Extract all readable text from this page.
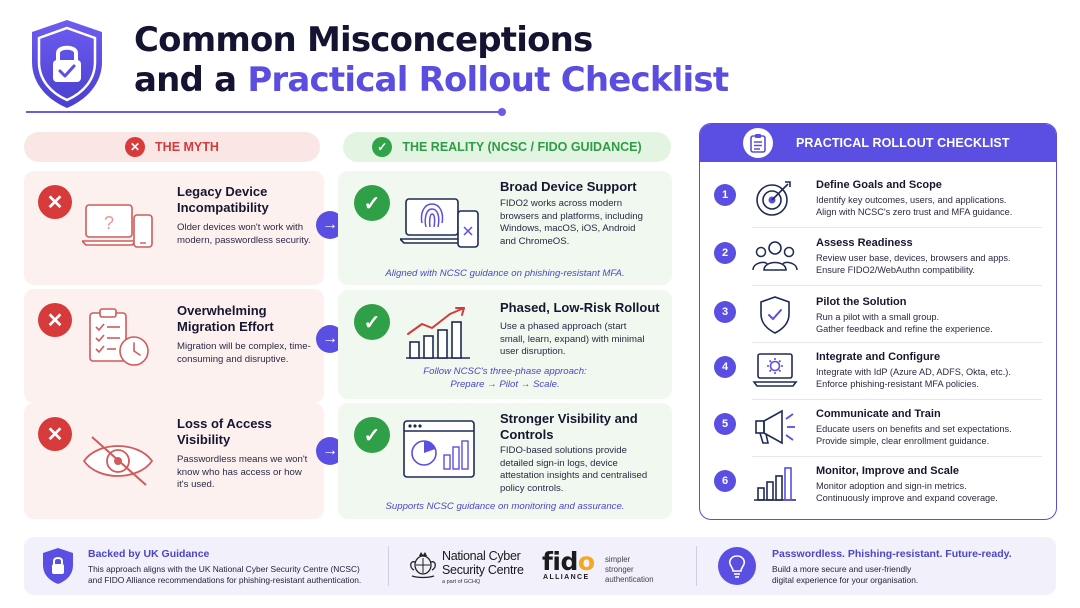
Common Misconceptions
and a Practical Rollout Checklist
✕	THE MYTH	✓	THE REALITY (NCSC / FIDO GUIDANCE)
✕
?
Legacy Device Incompatibility
Older devices won't work with modern, passwordless security.
✕	Overwhelming Migration Effort
Migration will be complex, time-consuming and disruptive.
✕	Loss of Access Visibility
Passwordless means we won't know who has access or how it's used.
→
→
→
✓
Broad Device Support
FIDO2 works across modern browsers and platforms, including Windows, macOS, iOS, Android and ChromeOS.
Aligned with NCSC guidance on phishing-resistant MFA.
✓
Phased, Low-Risk Rollout
Use a phased approach (start small, learn, expand) with minimal user disruption.
Follow NCSC's three-phase approach:
Prepare → Pilot → Scale.
✓
Stronger Visibility and Controls
FIDO-based solutions provide detailed sign-in logs, device attestation insights and centralised policy controls.
Supports NCSC guidance on monitoring and assurance.
PRACTICAL ROLLOUT CHECKLIST
1
Define Goals and Scope
Identify key outcomes, users, and applications.
Align with NCSC's zero trust and MFA guidance.
2
Assess Readiness
Review user base, devices, browsers and apps.
Ensure FIDO2/WebAuthn compatibility.
3
Pilot the Solution
Run a pilot with a small group.
Gather feedback and refine the experience.
4
Integrate and Configure
Integrate with IdP (Azure AD, ADFS, Okta, etc.).
Enforce phishing-resistant MFA policies.
5
Communicate and Train
Educate users on benefits and set expectations.
Provide simple, clear enrollment guidance.
6
Monitor, Improve and Scale
Monitor adoption and sign-in metrics.
Continuously improve and expand coverage.
Backed by UK Guidance
This approach aligns with the UK National Cyber Security Centre (NCSC)
and FIDO Alliance recommendations for phishing-resistant authentication.
National Cyber
Security Centre
a part of GCHQ
fido
ALLIANCE
simpler
stronger
authentication
Passwordless. Phishing-resistant. Future-ready.
Build a more secure and user-friendly
digital experience for your organisation.
